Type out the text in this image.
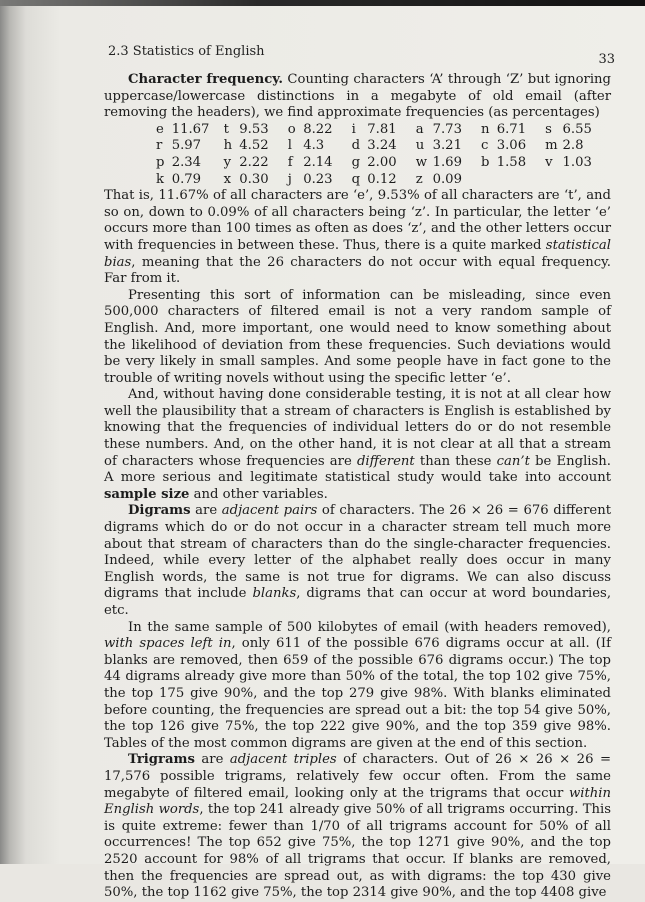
2.3 Statistics of English
33

Character frequency. Counting characters ‘A’ through ‘Z’ but ignoring uppercase/lowercase distinctions in a megabyte of old email (after removing the headers), we find approximate frequencies (as percentages)

e	11.67	t	9.53	o	8.22	i	7.81	a	7.73	n	6.71	s	6.55
r	5.97	h	4.52	l	4.3	d	3.24	u	3.21	c	3.06	m	2.8
p	2.34	y	2.22	f	2.14	g	2.00	w	1.69	b	1.58	v	1.03
k	0.79	x	0.30	j	0.23	q	0.12	z	0.09				

That is, 11.67% of all characters are ‘e’, 9.53% of all characters are ‘t’, and so on, down to 0.09% of all characters being ‘z’. In particular, the letter ‘e’ occurs more than 100 times as often as does ‘z’, and the other letters occur with frequencies in between these. Thus, there is a quite marked statistical bias, meaning that the 26 characters do not occur with equal frequency. Far from it.

Presenting this sort of information can be misleading, since even 500,000 characters of filtered email is not a very random sample of English. And, more important, one would need to know something about the likelihood of deviation from these frequencies. Such deviations would be very likely in small samples. And some people have in fact gone to the trouble of writing novels without using the specific letter ‘e’.

And, without having done considerable testing, it is not at all clear how well the plausibility that a stream of characters is English is established by knowing that the frequencies of individual letters do or do not resemble these numbers. And, on the other hand, it is not clear at all that a stream of characters whose frequencies are different than these can’t be English. A more serious and legitimate statistical study would take into account sample size and other variables.

Digrams are adjacent pairs of characters. The 26 × 26 = 676 different digrams which do or do not occur in a character stream tell much more about that stream of characters than do the single-character frequencies. Indeed, while every letter of the alphabet really does occur in many English words, the same is not true for digrams. We can also discuss digrams that include blanks, digrams that can occur at word boundaries, etc.

In the same sample of 500 kilobytes of email (with headers removed), with spaces left in, only 611 of the possible 676 digrams occur at all. (If blanks are removed, then 659 of the possible 676 digrams occur.) The top 44 digrams already give more than 50% of the total, the top 102 give 75%, the top 175 give 90%, and the top 279 give 98%. With blanks eliminated before counting, the frequencies are spread out a bit: the top 54 give 50%, the top 126 give 75%, the top 222 give 90%, and the top 359 give 98%. Tables of the most common digrams are given at the end of this section.

Trigrams are adjacent triples of characters. Out of 26 × 26 × 26 = 17,576 possible trigrams, relatively few occur often. From the same megabyte of filtered email, looking only at the trigrams that occur within English words, the top 241 already give 50% of all trigrams occurring. This is quite extreme: fewer than 1/70 of all trigrams account for 50% of all occurrences! The top 652 give 75%, the top 1271 give 90%, and the top 2520 account for 98% of all trigrams that occur. If blanks are removed, then the frequencies are spread out, as with digrams: the top 430 give 50%, the top 1162 give 75%, the top 2314 give 90%, and the top 4408 give
